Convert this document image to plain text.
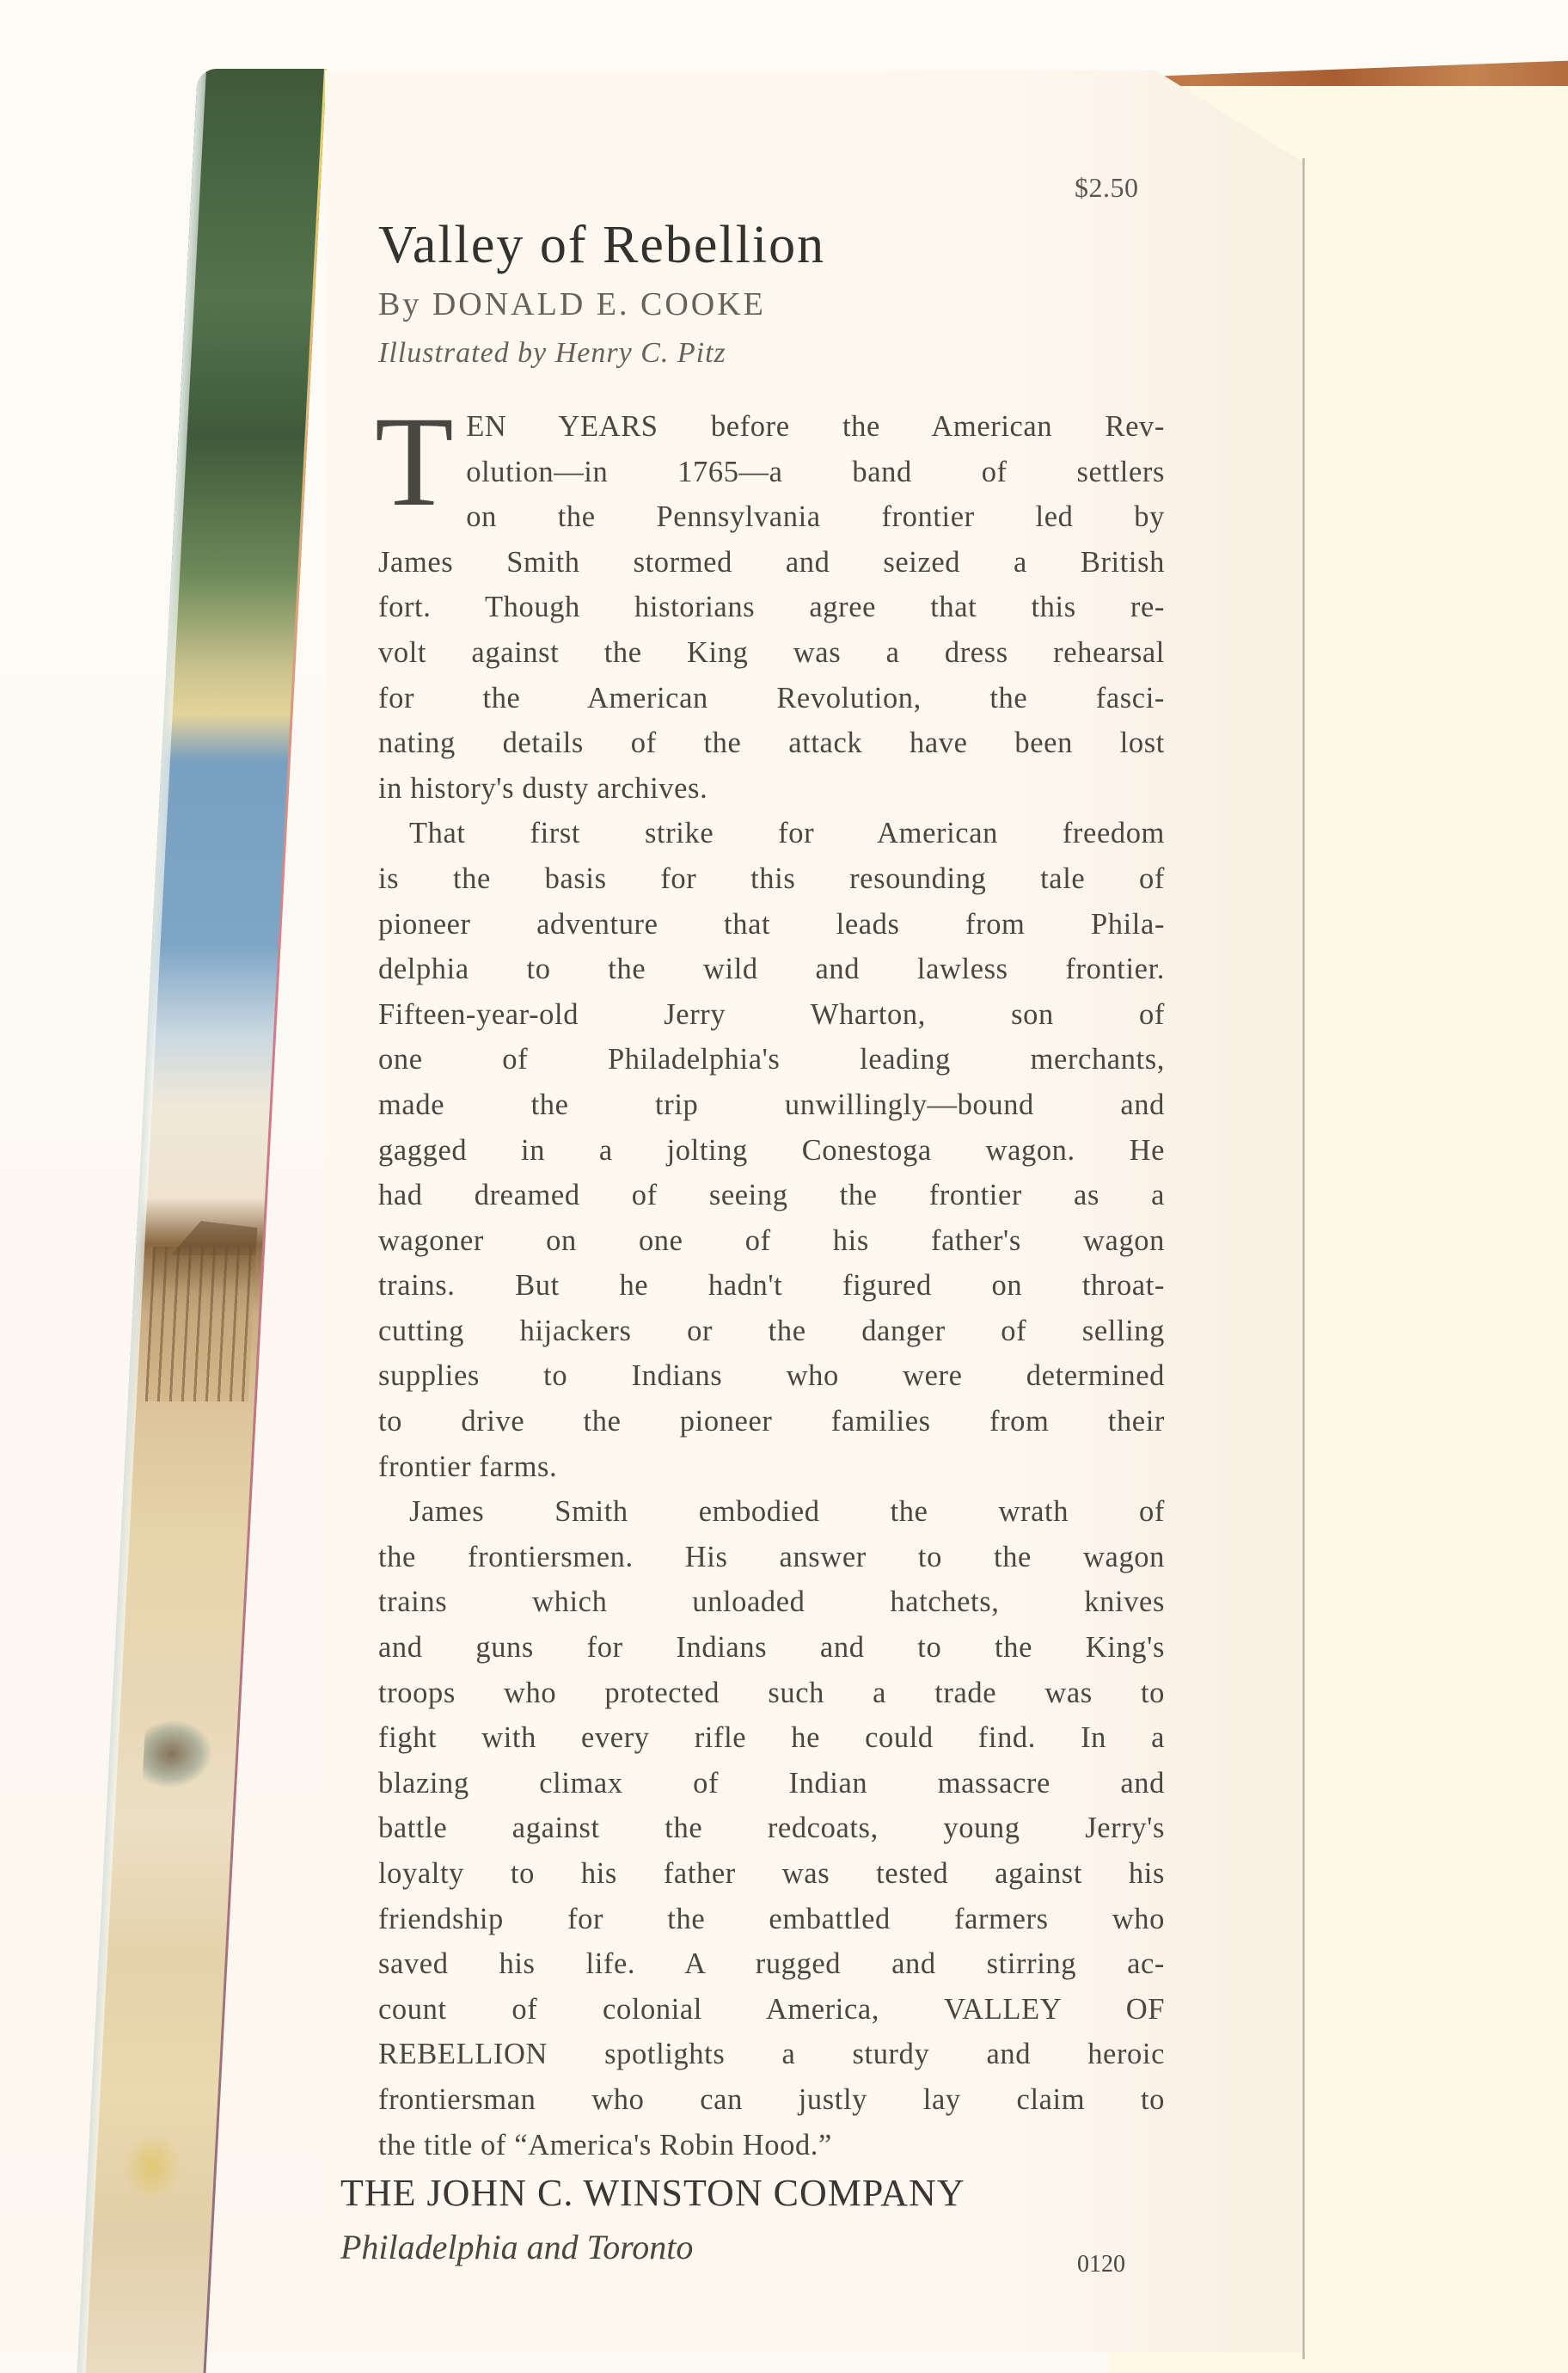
$2.50
Valley of Rebellion
By DONALD E. COOKE
Illustrated by Henry C. Pitz

T EN YEARS before the American Rev-
olution—in 1765—a band of settlers
on the Pennsylvania frontier led by
James Smith stormed and seized a British
fort. Though historians agree that this re-
volt against the King was a dress rehearsal
for the American Revolution, the fasci-
nating details of the attack have been lost
in history's dusty archives.

That first strike for American freedom
is the basis for this resounding tale of
pioneer adventure that leads from Phila-
delphia to the wild and lawless frontier.
Fifteen-year-old Jerry Wharton, son of
one of Philadelphia's leading merchants,
made the trip unwillingly—bound and
gagged in a jolting Conestoga wagon. He
had dreamed of seeing the frontier as a
wagoner on one of his father's wagon
trains. But he hadn't figured on throat-
cutting hijackers or the danger of selling
supplies to Indians who were determined
to drive the pioneer families from their
frontier farms.

James Smith embodied the wrath of
the frontiersmen. His answer to the wagon
trains which unloaded hatchets, knives
and guns for Indians and to the King's
troops who protected such a trade was to
fight with every rifle he could find. In a
blazing climax of Indian massacre and
battle against the redcoats, young Jerry's
loyalty to his father was tested against his
friendship for the embattled farmers who
saved his life. A rugged and stirring ac-
count of colonial America, VALLEY OF
REBELLION spotlights a sturdy and heroic
frontiersman who can justly lay claim to
the title of “America's Robin Hood.”

THE JOHN C. WINSTON COMPANY
Philadelphia and Toronto	0120
